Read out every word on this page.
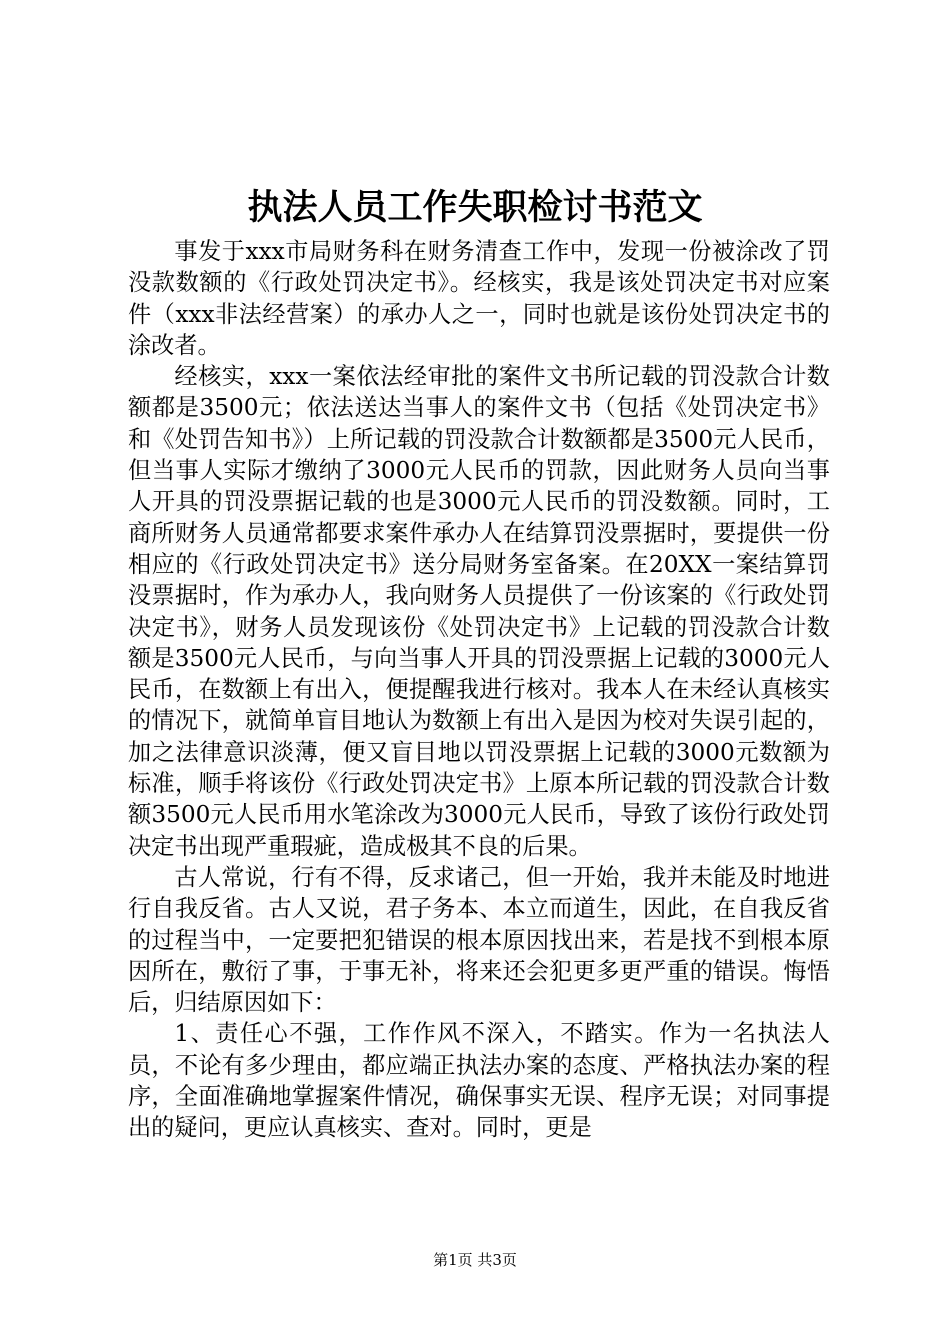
执法人员工作失职检讨书范文

事发于xxx市局财务科在财务清查工作中，发现一份被涂改了罚没款数额的《行政处罚决定书》。经核实，我是该处罚决定书对应案件（xxx非法经营案）的承办人之一，同时也就是该份处罚决定书的涂改者。

经核实，xxx一案依法经审批的案件文书所记载的罚没款合计数额都是3500元；依法送达当事人的案件文书（包括《处罚决定书》和《处罚告知书》）上所记载的罚没款合计数额都是3500元人民币，但当事人实际才缴纳了3000元人民币的罚款，因此财务人员向当事人开具的罚没票据记载的也是3000元人民币的罚没数额。同时，工商所财务人员通常都要求案件承办人在结算罚没票据时，要提供一份相应的《行政处罚决定书》送分局财务室备案。在20XX一案结算罚没票据时，作为承办人，我向财务人员提供了一份该案的《行政处罚决定书》，财务人员发现该份《处罚决定书》上记载的罚没款合计数额是3500元人民币，与向当事人开具的罚没票据上记载的3000元人民币，在数额上有出入，便提醒我进行核对。我本人在未经认真核实的情况下，就简单盲目地认为数额上有出入是因为校对失误引起的，加之法律意识淡薄，便又盲目地以罚没票据上记载的3000元数额为标准，顺手将该份《行政处罚决定书》上原本所记载的罚没款合计数额3500元人民币用水笔涂改为3000元人民币，导致了该份行政处罚决定书出现严重瑕疵，造成极其不良的后果。

古人常说，行有不得，反求诸己，但一开始，我并未能及时地进行自我反省。古人又说，君子务本、本立而道生，因此，在自我反省的过程当中，一定要把犯错误的根本原因找出来，若是找不到根本原因所在，敷衍了事，于事无补，将来还会犯更多更严重的错误。悔悟后，归结原因如下：

1、责任心不强，工作作风不深入，不踏实。作为一名执法人员，不论有多少理由，都应端正执法办案的态度、严格执法办案的程序，全面准确地掌握案件情况，确保事实无误、程序无误；对同事提出的疑问，更应认真核实、查对。同时，更是

第1页 共3页
